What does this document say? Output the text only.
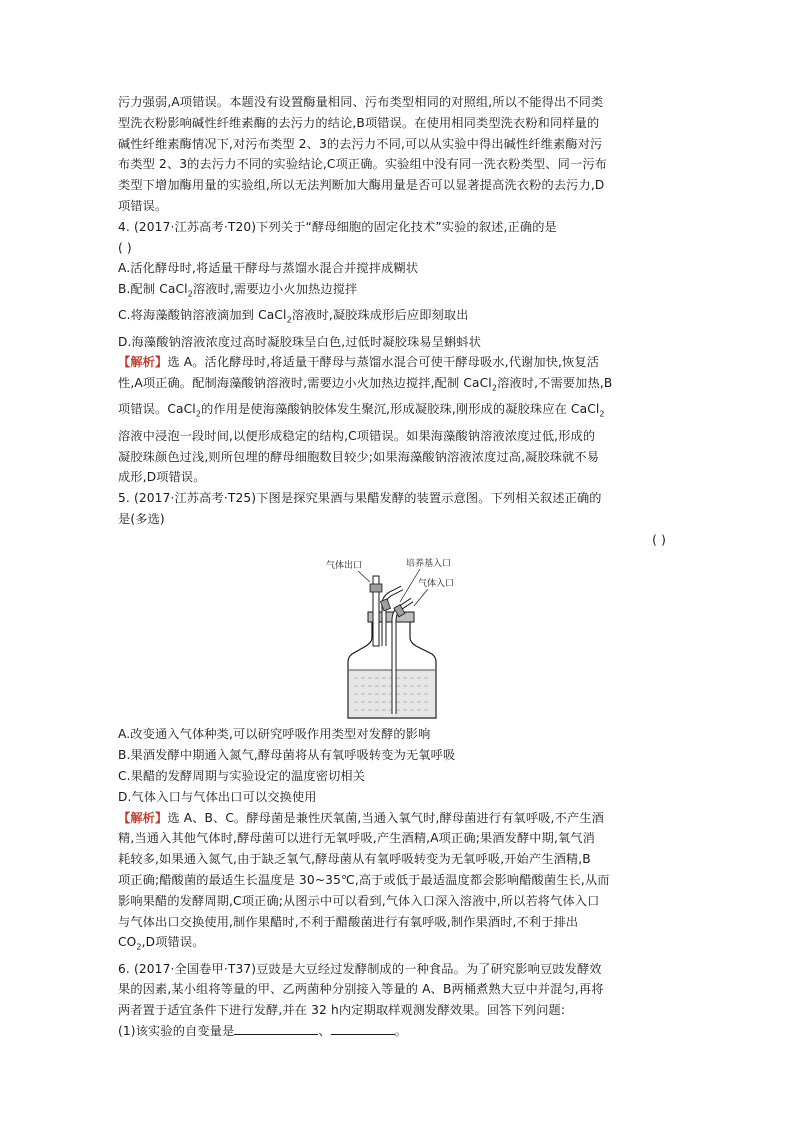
污力强弱,A项错误。本题没有设置酶量相同、污布类型相同的对照组,所以不能得出不同类
型洗衣粉影响碱性纤维素酶的去污力的结论,B项错误。在使用相同类型洗衣粉和同样量的
碱性纤维素酶情况下,对污布类型 2、3的去污力不同,可以从实验中得出碱性纤维素酶对污
布类型 2、3的去污力不同的实验结论,C项正确。实验组中没有同一洗衣粉类型、同一污布
类型下增加酶用量的实验组,所以无法判断加大酶用量是否可以显著提高洗衣粉的去污力,D
项错误。
4. (2017·江苏高考·T20)下列关于“酵母细胞的固定化技术”实验的叙述,正确的是
( )
A.活化酵母时,将适量干酵母与蒸馏水混合并搅拌成糊状
B.配制 CaCl$_2$溶液时,需要边小火加热边搅拌
C.将海藻酸钠溶液滴加到 CaCl$_2$溶液时,凝胶珠成形后应即刻取出
D.海藻酸钠溶液浓度过高时凝胶珠呈白色,过低时凝胶珠易呈蝌蚪状
【解析】选 A。活化酵母时,将适量干酵母与蒸馏水混合可使干酵母吸水,代谢加快,恢复活
性,A项正确。配制海藻酸钠溶液时,需要边小火加热边搅拌,配制 CaCl$_2$溶液时,不需要加热,B
项错误。CaCl$_2$的作用是使海藻酸钠胶体发生聚沉,形成凝胶珠,刚形成的凝胶珠应在 CaCl$_2$
溶液中浸泡一段时间,以便形成稳定的结构,C项错误。如果海藻酸钠溶液浓度过低,形成的
凝胶珠颜色过浅,则所包埋的酵母细胞数目较少;如果海藻酸钠溶液浓度过高,凝胶珠就不易
成形,D项错误。
5. (2017·江苏高考·T25)下图是探究果酒与果醋发酵的装置示意图。下列相关叙述正确的
是(多选)
( )
气体出口	培养基入口
气体入口
A.改变通入气体种类,可以研究呼吸作用类型对发酵的影响
B.果酒发酵中期通入氮气,酵母菌将从有氧呼吸转变为无氧呼吸
C.果醋的发酵周期与实验设定的温度密切相关
D.气体入口与气体出口可以交换使用
【解析】选 A、B、C。酵母菌是兼性厌氧菌,当通入氧气时,酵母菌进行有氧呼吸,不产生酒
精,当通入其他气体时,酵母菌可以进行无氧呼吸,产生酒精,A项正确;果酒发酵中期,氧气消
耗较多,如果通入氮气,由于缺乏氧气,酵母菌从有氧呼吸转变为无氧呼吸,开始产生酒精,B
项正确;醋酸菌的最适生长温度是 30~35℃,高于或低于最适温度都会影响醋酸菌生长,从而
影响果醋的发酵周期,C项正确;从图示中可以看到,气体入口深入溶液中,所以若将气体入口
与气体出口交换使用,制作果醋时,不利于醋酸菌进行有氧呼吸,制作果酒时,不利于排出
$CO_2,D$项错误。
6. (2017·全国卷甲·T37)豆豉是大豆经过发酵制成的一种食品。为了研究影响豆豉发酵效
果的因素,某小组将等量的甲、乙两菌种分别接入等量的 A、B两桶煮熟大豆中并混匀,再将
两者置于适宜条件下进行发酵,并在 32 h内定期取样观测发酵效果。回答下列问题:
(1)该实验的自变量是	、	。
